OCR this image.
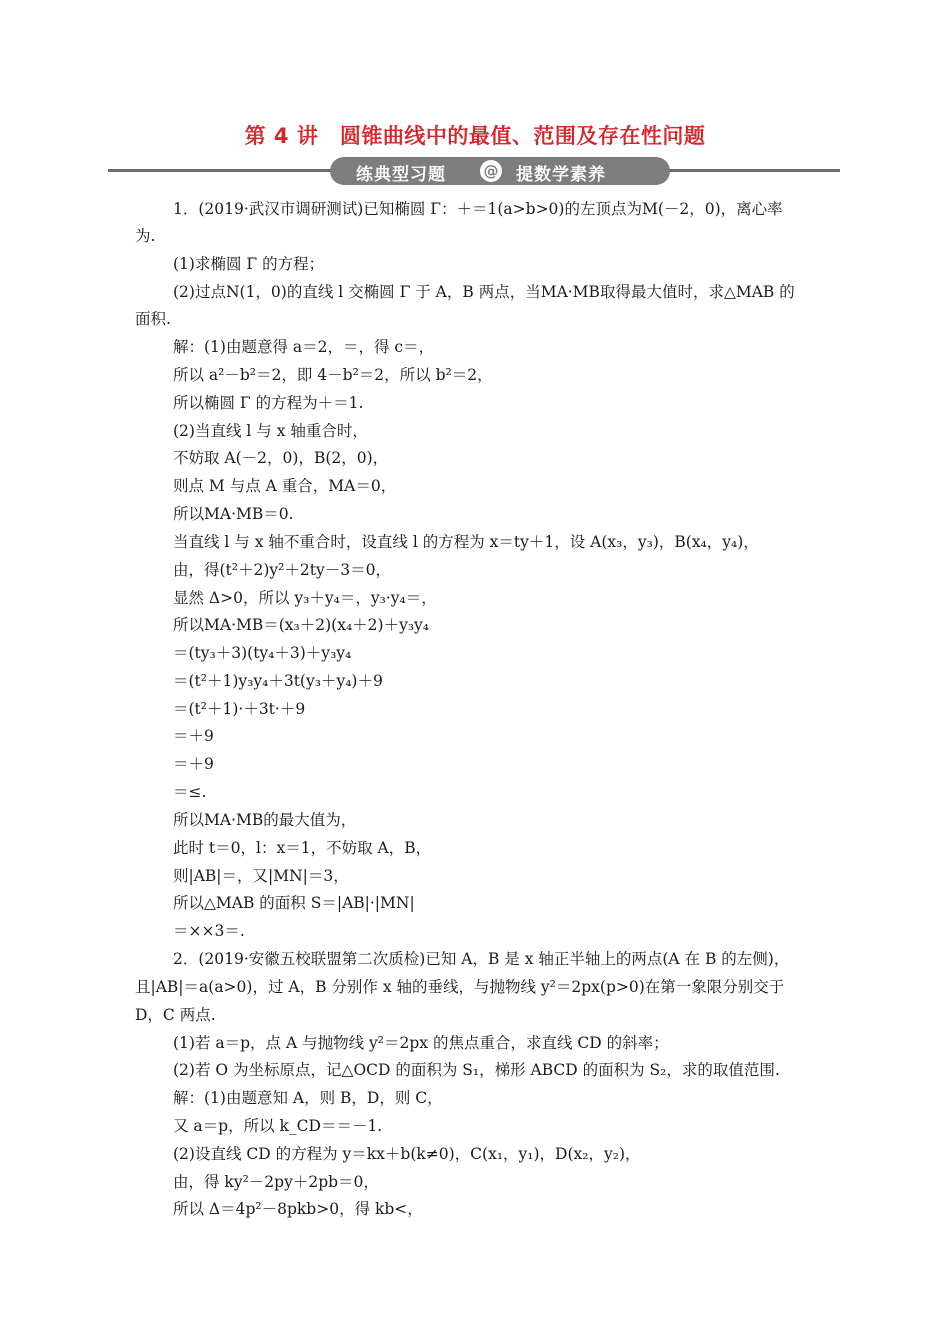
第 4 讲　圆锥曲线中的最值、范围及存在性问题
练典型习题	@ 提数学素养
1．(2019·武汉市调研测试)已知椭圆 Γ：＋＝1(a>b>0)的左顶点为M(－2，0)，离心率
为.
(1)求椭圆 Γ 的方程；
(2)过点N(1，0)的直线 l 交椭圆 Γ 于 A，B 两点，当MA·MB取得最大值时，求△MAB 的
面积.
解：(1)由题意得 a＝2，＝，得 c＝，
所以 a²－b²＝2，即 4－b²＝2，所以 b²＝2，
所以椭圆 Γ 的方程为＋＝1.
(2)当直线 l 与 x 轴重合时，
不妨取 A(－2，0)，B(2，0)，
则点 M 与点 A 重合，MA＝0，
所以MA·MB＝0.
当直线 l 与 x 轴不重合时，设直线 l 的方程为 x＝ty＋1，设 A(x₃，y₃)，B(x₄，y₄)，
由，得(t²＋2)y²＋2ty－3＝0，
显然 Δ>0，所以 y₃＋y₄＝，y₃·y₄＝，
所以MA·MB＝(x₃＋2)(x₄＋2)＋y₃y₄
＝(ty₃＋3)(ty₄＋3)＋y₃y₄
＝(t²＋1)y₃y₄＋3t(y₃＋y₄)＋9
＝(t²＋1)·＋3t·＋9
＝＋9
＝＋9
＝≤.
所以MA·MB的最大值为，
此时 t＝0，l：x＝1，不妨取 A，B，
则|AB|＝，又|MN|＝3，
所以△MAB 的面积 S＝|AB|·|MN|
＝××3＝.
2．(2019·安徽五校联盟第二次质检)已知 A，B 是 x 轴正半轴上的两点(A 在 B 的左侧)，
且|AB|＝a(a>0)，过 A，B 分别作 x 轴的垂线，与抛物线 y²＝2px(p>0)在第一象限分别交于
D，C 两点.
(1)若 a＝p，点 A 与抛物线 y²＝2px 的焦点重合，求直线 CD 的斜率；
(2)若 O 为坐标原点，记△OCD 的面积为 S₁，梯形 ABCD 的面积为 S₂，求的取值范围.
解：(1)由题意知 A，则 B，D，则 C，
又 a＝p，所以 k_CD＝＝－1.
(2)设直线 CD 的方程为 y＝kx＋b(k≠0)，C(x₁，y₁)，D(x₂，y₂)，
由，得 ky²－2py＋2pb＝0，
所以 Δ＝4p²－8pkb>0，得 kb<，
